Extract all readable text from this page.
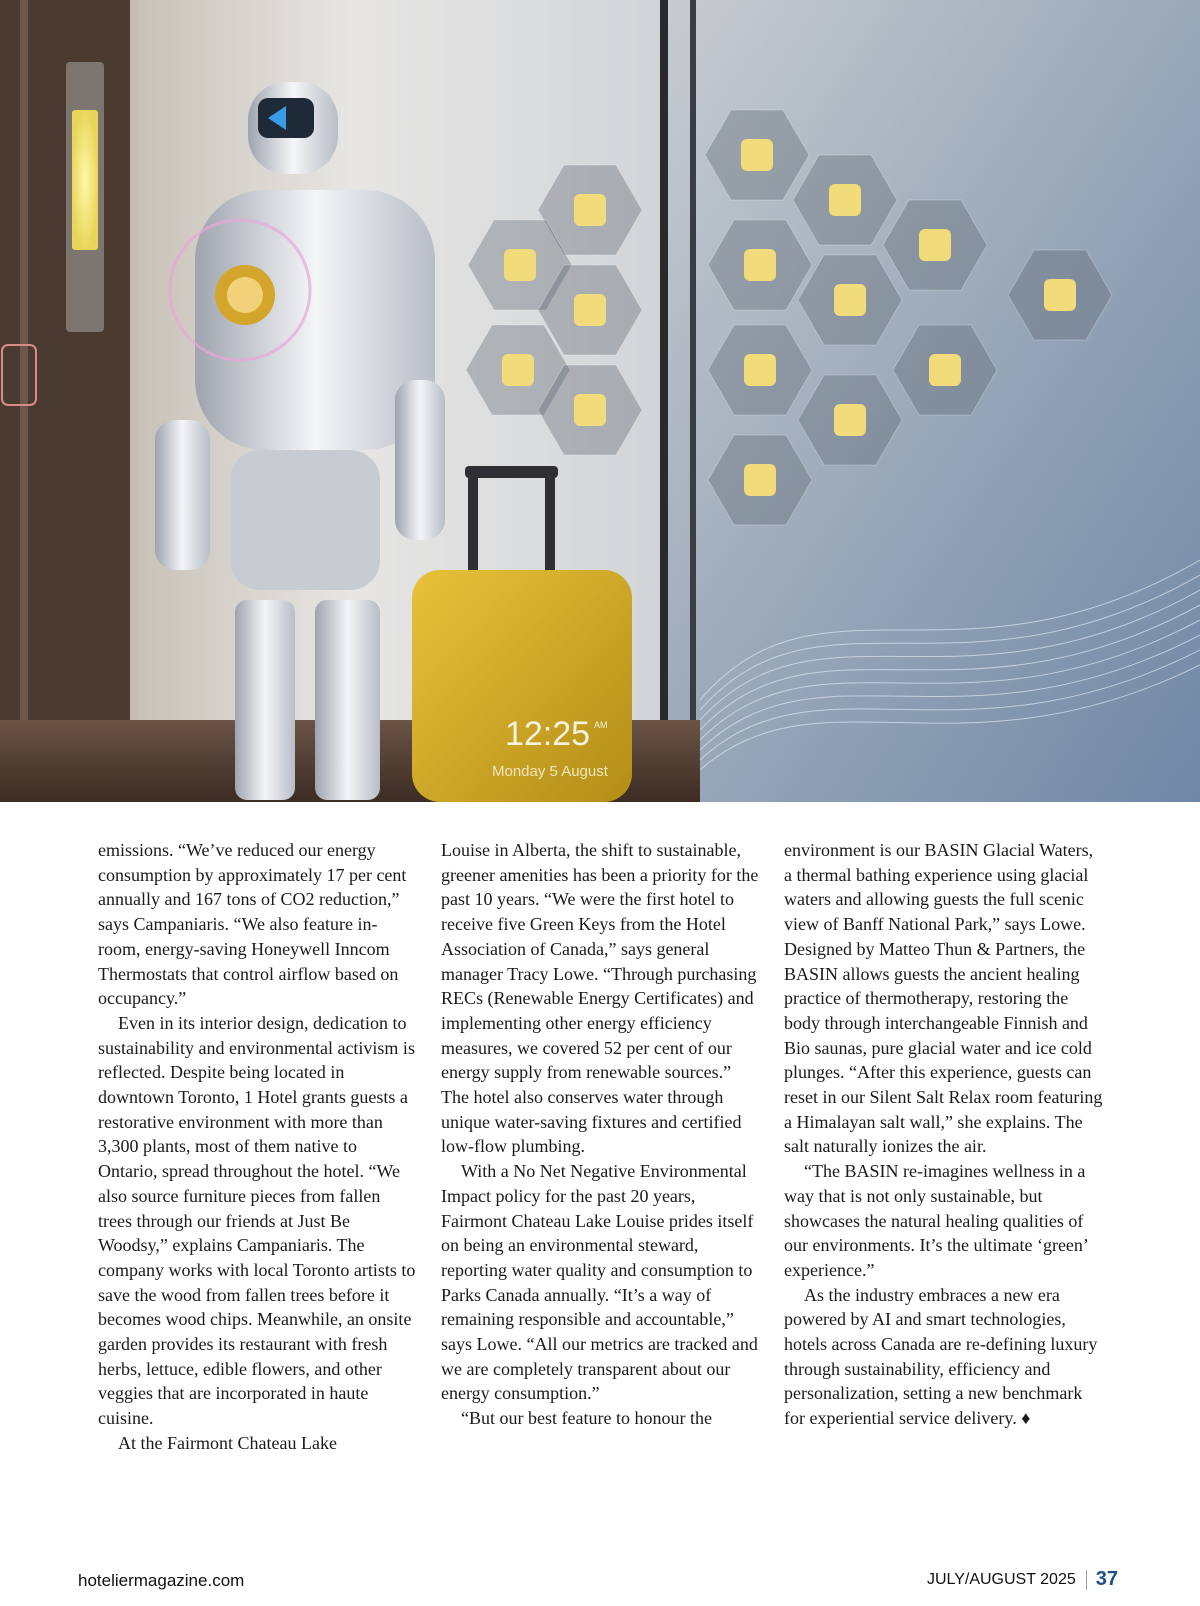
12:25 AM
Monday 5 August

emissions. “We’ve reduced our energy consumption by approximately 17 per cent annually and 167 tons of CO2 reduction,” says Campaniaris. “We also feature in-room, energy-saving Honeywell Inncom Thermostats that control airflow based on occupancy.”

Even in its interior design, dedication to sustainability and environmental activism is reflected. Despite being located in downtown Toronto, 1 Hotel grants guests a restorative environment with more than 3,300 plants, most of them native to Ontario, spread throughout the hotel. “We also source furniture pieces from fallen trees through our friends at Just Be Woodsy,” explains Campaniaris. The company works with local Toronto artists to save the wood from fallen trees before it becomes wood chips. Meanwhile, an onsite garden provides its restaurant with fresh herbs, lettuce, edible flowers, and other veggies that are incorporated in haute cuisine.

At the Fairmont Chateau Lake

Louise in Alberta, the shift to sustainable, greener amenities has been a priority for the past 10 years. “We were the first hotel to receive five Green Keys from the Hotel Association of Canada,” says general manager Tracy Lowe. “Through purchasing RECs (Renewable Energy Certificates) and implementing other energy efficiency measures, we covered 52 per cent of our energy supply from renewable sources.” The hotel also conserves water through unique water-saving fixtures and certified low-flow plumbing.

With a No Net Negative Environmental Impact policy for the past 20 years, Fairmont Chateau Lake Louise prides itself on being an environmental steward, reporting water quality and consumption to Parks Canada annually. “It’s a way of remaining responsible and accountable,” says Lowe. “All our metrics are tracked and we are completely transparent about our energy consumption.”

“But our best feature to honour the

environment is our BASIN Glacial Waters, a thermal bathing experience using glacial waters and allowing guests the full scenic view of Banff National Park,” says Lowe. Designed by Matteo Thun & Partners, the BASIN allows guests the ancient healing practice of thermotherapy, restoring the body through interchangeable Finnish and Bio saunas, pure glacial water and ice cold plunges. “After this experience, guests can reset in our Silent Salt Relax room featuring a Himalayan salt wall,” she explains. The salt naturally ionizes the air.

“The BASIN re-imagines wellness in a way that is not only sustainable, but showcases the natural healing qualities of our environments. It’s the ultimate ‘green’ experience.”

As the industry embraces a new era powered by AI and smart technologies, hotels across Canada are re-defining luxury through sustainability, efficiency and personalization, setting a new benchmark for experiential service delivery. ♦

hoteliermagazine.com	JULY/AUGUST 2025 37
